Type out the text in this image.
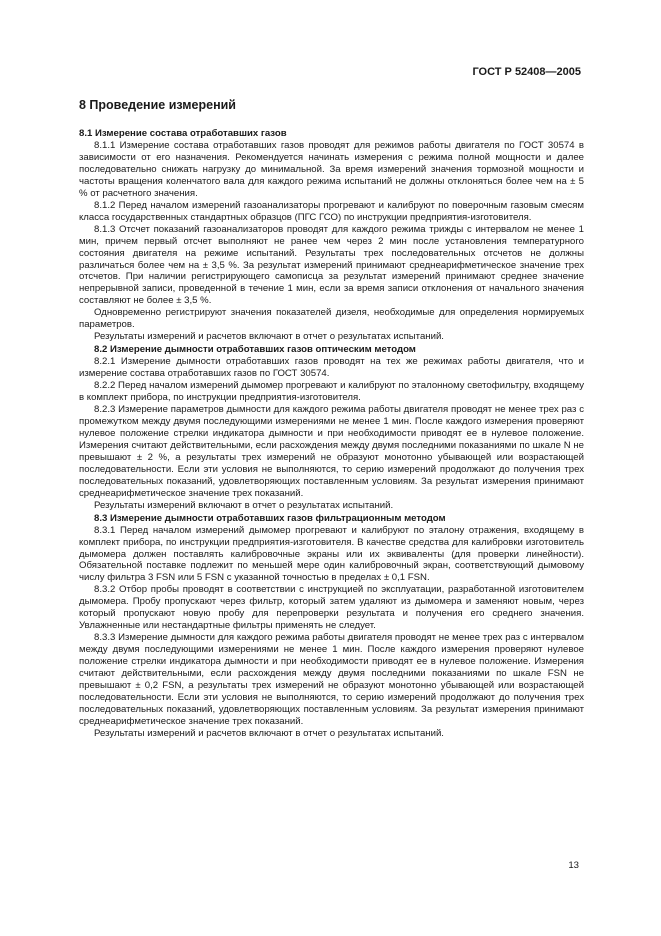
ГОСТ Р 52408—2005
8 Проведение измерений
8.1 Измерение состава отработавших газов

8.1.1 Измерение состава отработавших газов проводят для режимов работы двигателя по ГОСТ 30574 в зависимости от его назначения. Рекомендуется начинать измерения с режима полной мощности и далее последовательно снижать нагрузку до минимальной. За время измерений значения тормозной мощности и частоты вращения коленчатого вала для каждого режима испытаний не должны отклоняться более чем на ± 5 % от расчетного значения.

8.1.2 Перед началом измерений газоанализаторы прогревают и калибруют по поверочным газовым смесям класса государственных стандартных образцов (ПГС ГСО) по инструкции предприятия-изготовителя.

8.1.3 Отсчет показаний газоанализаторов проводят для каждого режима трижды с интервалом не менее 1 мин, причем первый отсчет выполняют не ранее чем через 2 мин после установления температурного состояния двигателя на режиме испытаний. Результаты трех последовательных отсчетов не должны различаться более чем на ± 3,5 %. За результат измерений принимают среднеарифметическое значение трех отсчетов. При наличии регистрирующего самописца за результат измерений принимают среднее значение непрерывной записи, проведенной в течение 1 мин, если за время записи отклонения от начального значения составляют не более ± 3,5 %.

Одновременно регистрируют значения показателей дизеля, необходимые для определения нормируемых параметров.

Результаты измерений и расчетов включают в отчет о результатах испытаний.

8.2 Измерение дымности отработавших газов оптическим методом

8.2.1 Измерение дымности отработавших газов проводят на тех же режимах работы двигателя, что и измерение состава отработавших газов по ГОСТ 30574.

8.2.2 Перед началом измерений дымомер прогревают и калибруют по эталонному светофильтру, входящему в комплект прибора, по инструкции предприятия-изготовителя.

8.2.3 Измерение параметров дымности для каждого режима работы двигателя проводят не менее трех раз с промежутком между двумя последующими измерениями не менее 1 мин. После каждого измерения проверяют нулевое положение стрелки индикатора дымности и при необходимости приводят ее в нулевое положение. Измерения считают действительными, если расхождения между двумя последними показаниями по шкале N не превышают ± 2 %, а результаты трех измерений не образуют монотонно убывающей или возрастающей последовательности. Если эти условия не выполняются, то серию измерений продолжают до получения трех последовательных показаний, удовлетворяющих поставленным условиям. За результат измерения принимают среднеарифметическое значение трех показаний.

Результаты измерений включают в отчет о результатах испытаний.

8.3 Измерение дымности отработавших газов фильтрационным методом

8.3.1 Перед началом измерений дымомер прогревают и калибруют по эталону отражения, входящему в комплект прибора, по инструкции предприятия-изготовителя. В качестве средства для калибровки изготовитель дымомера должен поставлять калибровочные экраны или их эквиваленты (для проверки линейности). Обязательной поставке подлежит по меньшей мере один калибровочный экран, соответствующий дымовому числу фильтра 3 FSN или 5 FSN с указанной точностью в пределах ± 0,1 FSN.

8.3.2 Отбор пробы проводят в соответствии с инструкцией по эксплуатации, разработанной изготовителем дымомера. Пробу пропускают через фильтр, который затем удаляют из дымомера и заменяют новым, через который пропускают новую пробу для перепроверки результата и получения его среднего значения. Увлажненные или нестандартные фильтры применять не следует.

8.3.3 Измерение дымности для каждого режима работы двигателя проводят не менее трех раз с интервалом между двумя последующими измерениями не менее 1 мин. После каждого измерения проверяют нулевое положение стрелки индикатора дымности и при необходимости приводят ее в нулевое положение. Измерения считают действительными, если расхождения между двумя последними показаниями по шкале FSN не превышают ± 0,2 FSN, а результаты трех измерений не образуют монотонно убывающей или возрастающей последовательности. Если эти условия не выполняются, то серию измерений продолжают до получения трех последовательных показаний, удовлетворяющих поставленным условиям. За результат измерения принимают среднеарифметическое значение трех показаний.

Результаты измерений и расчетов включают в отчет о результатах испытаний.

13
